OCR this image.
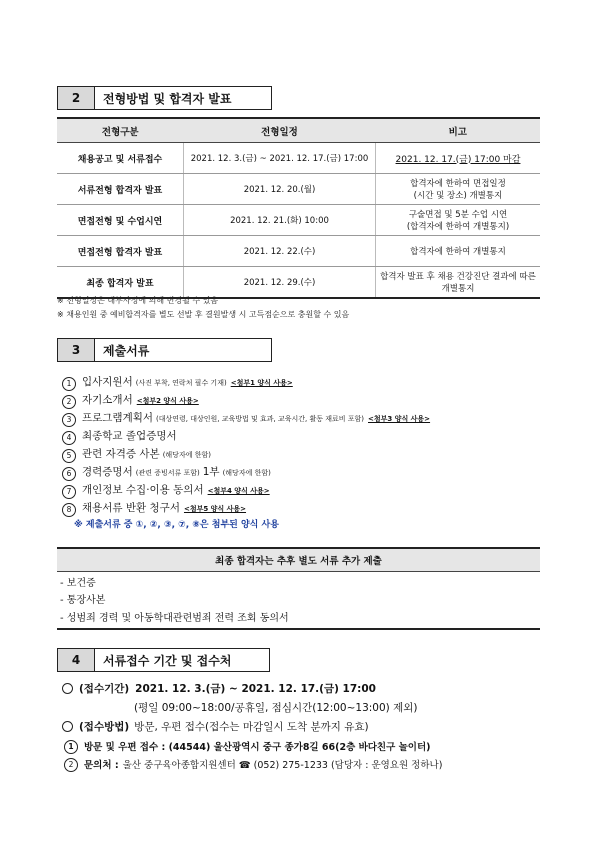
2	전형방법 및 합격자 발표
전형구분	전형일정	비고
채용공고 및 서류접수	2021. 12. 3.(금) ~ 2021. 12. 17.(금) 17:00	2021. 12. 17.(금) 17:00 마감
서류전형 합격자 발표	2021. 12. 20.(월)	합격자에 한하여 면접일정
(시간 및 장소) 개별통지

면접전형 및 수업시연	2021. 12. 21.(화) 10:00	구술면접 및 5분 수업 시연
(합격자에 한하여 개별통지)

면접전형 합격자 발표	2021. 12. 22.(수)	합격자에 한하여 개별통지
최종 합격자 발표	2021. 12. 29.(수)	합격자 발표 후 채용 건강진단 결과에 따른
개별통지
※ 전형일정은 내부사정에 의해 변경될 수 있음
※ 채용인원 중 예비합격자를 별도 선발 후 결원발생 시 고득점순으로 충원할 수 있음
3	제출서류
1	입사지원서 (사진 부착, 연락처 필수 기재) <첨부1 양식 사용>
2	자기소개서 <첨부2 양식 사용>
3	프로그램계획서 (대상연령, 대상인원, 교육방법 및 효과, 교육시간, 활동 재료비 포함) <첨부3 양식 사용>
4	최종학교 졸업증명서
5	관련 자격증 사본 (해당자에 한함)
6	경력증명서 (관련 증빙서류 포함) 1부 (해당자에 한함)
7	개인정보 수집·이용 동의서 <첨부4 양식 사용>
8	채용서류 반환 청구서 <첨부5 양식 사용>
※ 제출서류 중 ①, ②, ③, ⑦, ⑧은 첨부된 양식 사용
최종 합격자는 추후 별도 서류 추가 제출
- 보건증
- 통장사본
- 성범죄 경력 및 아동학대관련범죄 전력 조회 동의서
4	서류접수 기간 및 접수처
(접수기간) 2021. 12. 3.(금) ~ 2021. 12. 17.(금) 17:00
(평일 09:00~18:00/공휴일, 점심시간(12:00~13:00) 제외)
(접수방법) 방문, 우편 접수(접수는 마감일시 도착 분까지 유효)
1	방문 및 우편 접수 : (44544) 울산광역시 중구 종가8길 66(2층 바다친구 놀이터)
2	문의처 : 울산 중구육아종합지원센터 ☎ (052) 275-1233 (담당자 : 운영요원 정하나)
